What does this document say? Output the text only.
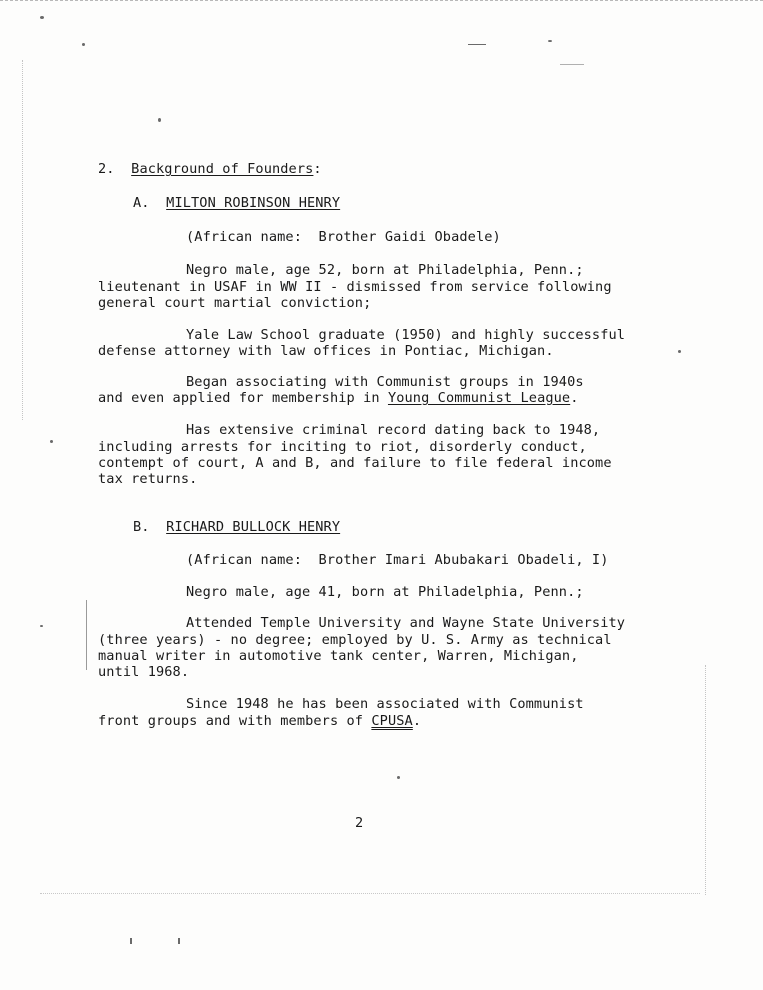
2. Background of Founders:
A. MILTON ROBINSON HENRY
(African name:  Brother Gaidi Obadele)
Negro male, age 52, born at Philadelphia, Penn.;
lieutenant in USAF in WW II - dismissed from service following
general court martial conviction;
Yale Law School graduate (1950) and highly successful
defense attorney with law offices in Pontiac, Michigan.
Began associating with Communist groups in 1940s
and even applied for membership in Young Communist League.
Has extensive criminal record dating back to 1948,
including arrests for inciting to riot, disorderly conduct,
contempt of court, A and B, and failure to file federal income
tax returns.
B. RICHARD BULLOCK HENRY
(African name:  Brother Imari Abubakari Obadeli, I)
Negro male, age 41, born at Philadelphia, Penn.;
Attended Temple University and Wayne State University
(three years) - no degree; employed by U. S. Army as technical
manual writer in automotive tank center, Warren, Michigan,
until 1968.
Since 1948 he has been associated with Communist
front groups and with members of CPUSA.
2
